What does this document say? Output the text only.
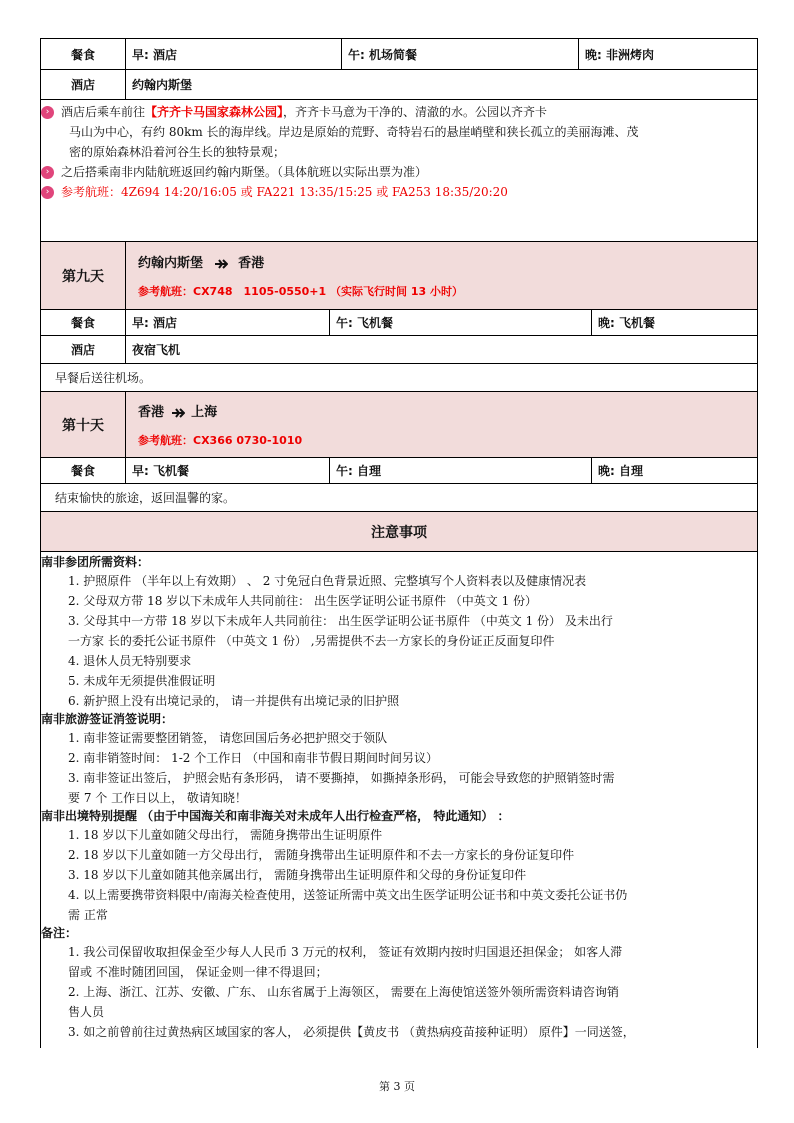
餐食	早: 酒店	午: 机场简餐	晚: 非洲烤肉
酒店	约翰内斯堡
› 酒店后乘车前往【齐齐卡马国家森林公园】，齐齐卡马意为干净的、清澈的水。公园以齐齐卡
马山为中心，有约 80km 长的海岸线。岸边是原始的荒野、奇特岩石的悬崖峭壁和狭长孤立的美丽海滩、茂
密的原始森林沿着河谷生长的独特景观；
› 之后搭乘南非内陆航班返回约翰内斯堡。（具体航班以实际出票为准）
› 参考航班：4Z694 14:20/16:05 或 FA221 13:35/15:25 或 FA253 18:35/20:20
第九天
约翰内斯堡	香港
参考航班：CX748　1105-0550+1 （实际飞行时间 13 小时）
餐食	早: 酒店	午: 飞机餐	晚: 飞机餐
酒店	夜宿飞机
早餐后送往机场。
第十天
香港 上海
参考航班：CX366 0730-1010
餐食	早: 飞机餐	午: 自理	晚: 自理
结束愉快的旅途，返回温馨的家。
注意事项
南非参团所需资料：
1. 护照原件 （半年以上有效期） 、 2 寸免冠白色背景近照、完整填写个人资料表以及健康情况表
2. 父母双方带 18 岁以下未成年人共同前往： 出生医学证明公证书原件 （中英文 1 份）
3. 父母其中一方带 18 岁以下未成年人共同前往： 出生医学证明公证书原件 （中英文 1 份） 及未出行
一方家 长的委托公证书原件 （中英文 1 份） ,另需提供不去一方家长的身份证正反面复印件
4. 退休人员无特别要求
5. 未成年无须提供准假证明
6. 新护照上没有出境记录的， 请一并提供有出境记录的旧护照
南非旅游签证消签说明：
1. 南非签证需要整团销签， 请您回国后务必把护照交于领队
2. 南非销签时间： 1-2 个工作日 （中国和南非节假日期间时间另议）
3. 南非签证出签后， 护照会贴有条形码， 请不要撕掉， 如撕掉条形码， 可能会导致您的护照销签时需
要 7 个 工作日以上， 敬请知晓！
南非出境特别提醒 （由于中国海关和南非海关对未成年人出行检查严格， 特此通知） ：
1. 18 岁以下儿童如随父母出行， 需随身携带出生证明原件
2. 18 岁以下儿童如随一方父母出行， 需随身携带出生证明原件和不去一方家长的身份证复印件
3. 18 岁以下儿童如随其他亲属出行， 需随身携带出生证明原件和父母的身份证复印件
4. 以上需要携带资料限中/南海关检查使用，送签证所需中英文出生医学证明公证书和中英文委托公证书仍
需 正常
备注：
1. 我公司保留收取担保金至少每人人民币 3 万元的权利， 签证有效期内按时归国退还担保金； 如客人滞
留或 不准时随团回国， 保证金则一律不得退回；
2. 上海、浙江、江苏、安徽、广东、 山东省属于上海领区， 需要在上海使馆送签外领所需资料请咨询销
售人员
3. 如之前曾前往过黄热病区域国家的客人， 必须提供【黄皮书 （黄热病疫苗接种证明） 原件】一同送签，
第 3 页
